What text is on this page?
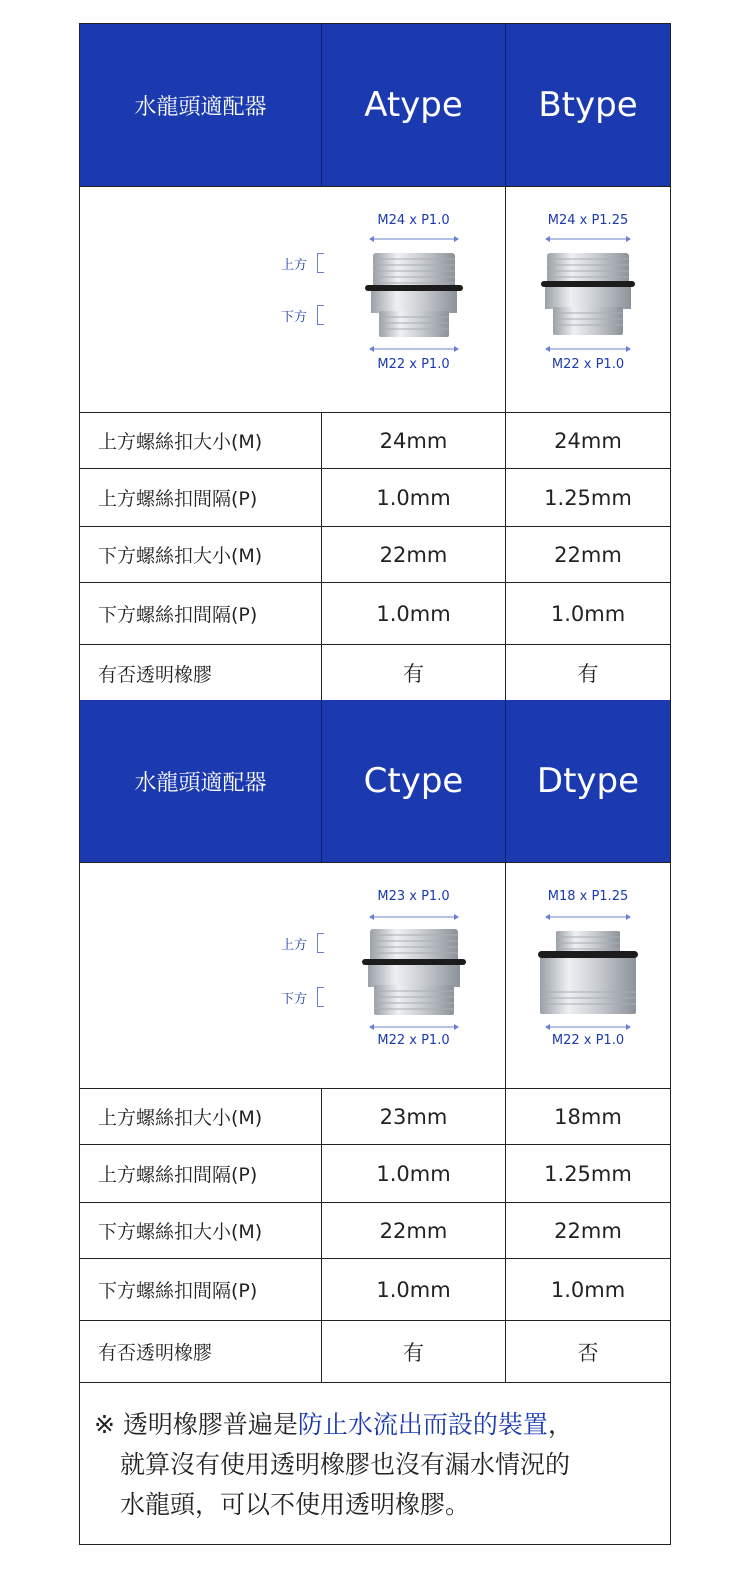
水龍頭適配器	Atype	Btype
上方
下方
M24 x P1.0
M22 x P1.0
M24 x P1.25
M22 x P1.0
上方螺絲扣大小(M)	24mm	24mm
上方螺絲扣間隔(P)	1.0mm	1.25mm
下方螺絲扣大小(M)	22mm	22mm
下方螺絲扣間隔(P)	1.0mm	1.0mm
有否透明橡膠	有	有
水龍頭適配器	Ctype	Dtype
上方
下方
M23 x P1.0
M22 x P1.0
M18 x P1.25
M22 x P1.0
上方螺絲扣大小(M)	23mm	18mm
上方螺絲扣間隔(P)	1.0mm	1.25mm
下方螺絲扣大小(M)	22mm	22mm
下方螺絲扣間隔(P)	1.0mm	1.0mm
有否透明橡膠	有	否
※ 透明橡膠普遍是防止水流出而設的裝置，
就算沒有使用透明橡膠也沒有漏水情況的
水龍頭，可以不使用透明橡膠。
